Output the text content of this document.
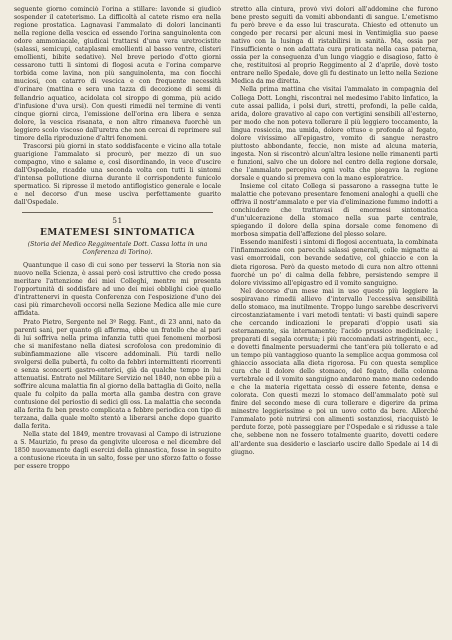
seguente giorno cominciò l'orina a stillare: lavonde si giudicò sospender il cateterismo. La difficoltà al catete rismo era nella regione prostatica. Lagnavasi l'ammalato di dolori lancinanti nella regione della vescica ed essendo l'orina sanguinolenta con odore ammoniacale, giudicai trattarsi d'una vera uretrocistite (salassi, semicupi, cataplasmi emollienti al basso ventre, clisteri emollienti, bibite sedative). Nel breve periodo d'otto giorni cessarono tutti li sintomi di flogosi acuta e l'orina comparve torbida come lavina, non più sanguinolenta, ma con fiocchi muciosi, con catarro di vescica e con frequente necessità d'orinare (mattina e sera una tazza di decozione di semi di fellandrio aquatico, acidolata col siroppo di gomma, più acido d'infusione d'uva ursi). Con questi rimedii nel termine di venti cinque giorni circa, l'emissione dell'orina era libera e senza dolore, la vescica risanata, e non altro rimaneva fuorchè un leggiero scolo viscoso dall'uretra che non cercai di reprimere sul timore della riproduzione d'altri fenomeni.

Trascorsi più giorni in stato soddisfacente e vicino alla totale guarigione l'ammalato si procurò, per mezzo di un suo compagno, vino e salame e, così disordinando, in vece d'uscire dall'Ospedale, ricadde una seconda volta con tutti li sintomi d'intensa pollutione diurna durante il corrispondente funicolo spermatico. Si ripresse il metodo antiflogistico generale e locale e nel decorso d'un mese uscìva perfettamente guarito dall'Ospedale.

51
EMATEMESI SINTOMATICA
(Storia del Medico Reggimentale Dott. Cassa lotta in una Conferenza di Torino).

Quantunque il caso di cui sono per tesservi la Storia non sia nuovo nella Scienza, è assai però così istruttivo che credo possa meritare l'attenzione dei miei Colleghi, mentre mi presenta l'opportunità di soddisfare ad uno dei miei obblighi cioè quello d'intrattenervi in questa Conferenza con l'esposizione d'uno dei casi più rimarchevoli occorsi nella Sezione Medica alle mie cure affidata.

Prato Pietro, Sergente nel 3º Regg. Fant., di 23 anni, nato da parenti sani, per quanto gli afferma, ebbe un fratello che al pari di lui soffriva nella prima infanzia tutti quei fenomeni morbosi che si manifestano nella diatesi scrofolosa con predominio di subinfiammazione alle viscere addominali. Più tardi nello svolgersi della pubertà, fu colto da febbri intermittenti ricorrenti e senza sconcerti gastro-enterici, già da qualche tempo in lui attenuatisi. Entrato nel Militare Servizio nel 1840, non ebbe più a soffrire alcuna malattia fin al giorno della battaglia di Goito, nella quale fu colpito da palla morta alla gamba destra con grave contusione del periostio di sedici gli oss. La malattia che seconda alla ferita fu ben presto complicata a febbre periodica con tipo di terzana, dalla quale molto stentò a liberarsi anche dopo guarito dalla ferita.

Nella state del 1849, mentre trovavasi al Campo di istruzione a S. Maurizio, fu preso da gengivite ulcerosa e nel dicembre del 1850 nuovamente dagli esercizi della ginnastica, fosse in seguito a contusione riceuta in un salto, fosse per uno sforzo fatto o fosse per essere troppo

stretto alla cintura, provò vivi dolori all'addomine che furono bene presto seguiti da vomiti abbondanti di sangue. L'emetismo fu però breve e da esso lui trascurata. Chiesto ed ottenuto un congedo per recarsi per alcuni mesi in Ventimiglia suo paese nativo con la lusinga di ristabilirsi in sanità. Ma, ossia per l'insufficiente o non adattata cura praticata nella casa paterna, ossia per la conseguenza d'un lungo viaggio e disagioso, fatto è che, restituitosi al proprio Reggimento al 2 d'aprile, dovè tosto entrare nello Spedale, dove gli fu destinato un letto nella Sezione Medica da me diretta.

Nella prima mattina che visitai l'ammalato in compagnia del Collega Dott. Longhi, riscontrai nel medesimo l'abito linfatico, la cute assai pallida, i polsi duri, stretti, profondi, la pelle calda, arida, dolore gravativo al capo con vertigini sensibili all'esterno, per modo che non poteva tollerare il più leggiero toccamento, la lingua rossiccia, ma umida, dolore ottuso e profondo al fegato, dolore vivissimo all'epigastro, vomito di sangue nerastro piuttosto abbondante, feccie, non miste ad alcuna materia, ingesta. Non si riscontrò alcun'altra lesione nelle rimanenti parti e funzioni, salvo che un dolore nel centro della regione dorsale, che l'ammalato percepiva ogni volta che piegava la regione dorsale e quando si premeva con la mano esploratrice.

Insieme col citato Collega si passarono a rassegna tutte le malattie che potevano presentare fenomeni analoghi a quelli che offriva il nostr'ammalato e per via d'eliminazione fummo indotti a conchiudere che trattavasi di emormesi sintomatica d'un'ulcerazione della stomaco nella sua parte centrale, spiegando il dolore della spina dorsale come fenomeno di morbosa simpatia dell'affezione del plesso solare.

Essendo manifesti i sintomi di flogosi accentuata, la combinata l'infiammazione con parecchi salassi generali, colle mignatte ai vasi emorroidali, con bevande sedative, col ghiaccio e con la dieta rigorosa. Però da questo metodo di cura non altro ottenni fuorché un po' di calma della febbre, persistendo sempre il dolore vivissimo all'epigastro ed il vomito sanguigno.

Nel decorso d'un mese mai in uso questo più leggiere la sospiravano rimedii allievo d'intervallo l'eccessiva sensibilità dello stomaco, ma inutilmente. Troppo lungo sarebbe descrivervi circostanziatamente i vari metodi tentati: vi basti quindi sapere che cercando indicazioni le preparati d'oppio usati sia esternamente, sia internamente; l'acido prussico medicinale; i preparati di segala cornuta; i più raccomandati astringenti, ecc., e dovetti finalmente persuadermi che tant'era più tollerato e ad un tempo più vantaggioso quanto la semplice acqua gommosa col ghiaccio associata alla dieta rigorosa. Fu con questa semplice cura che il dolore dello stomaco, del fegato, della colonna vertebrale ed il vomito sanguigno andarono mano mano cedendo e che la materia rigettata cessò di essere fetente, densa e colorata. Con questi mezzi lo stomaco dell'ammalato potè sul finire del secondo mese di cura tollerare e digerire da prima minestre leggierissime e poi un uovo cotto da bere. Allorché l'ammalato potè nutrirsi con alimenti sostanziosi, riacquistò le perdute forze, potè passeggiare per l'Ospedale e si ridusse a tale che, sebbene non ne fossero totalmente guarito, dovetti cedere all'ardente sua desiderio e lasciarlo uscire dallo Spedale ai 14 di giugno.
